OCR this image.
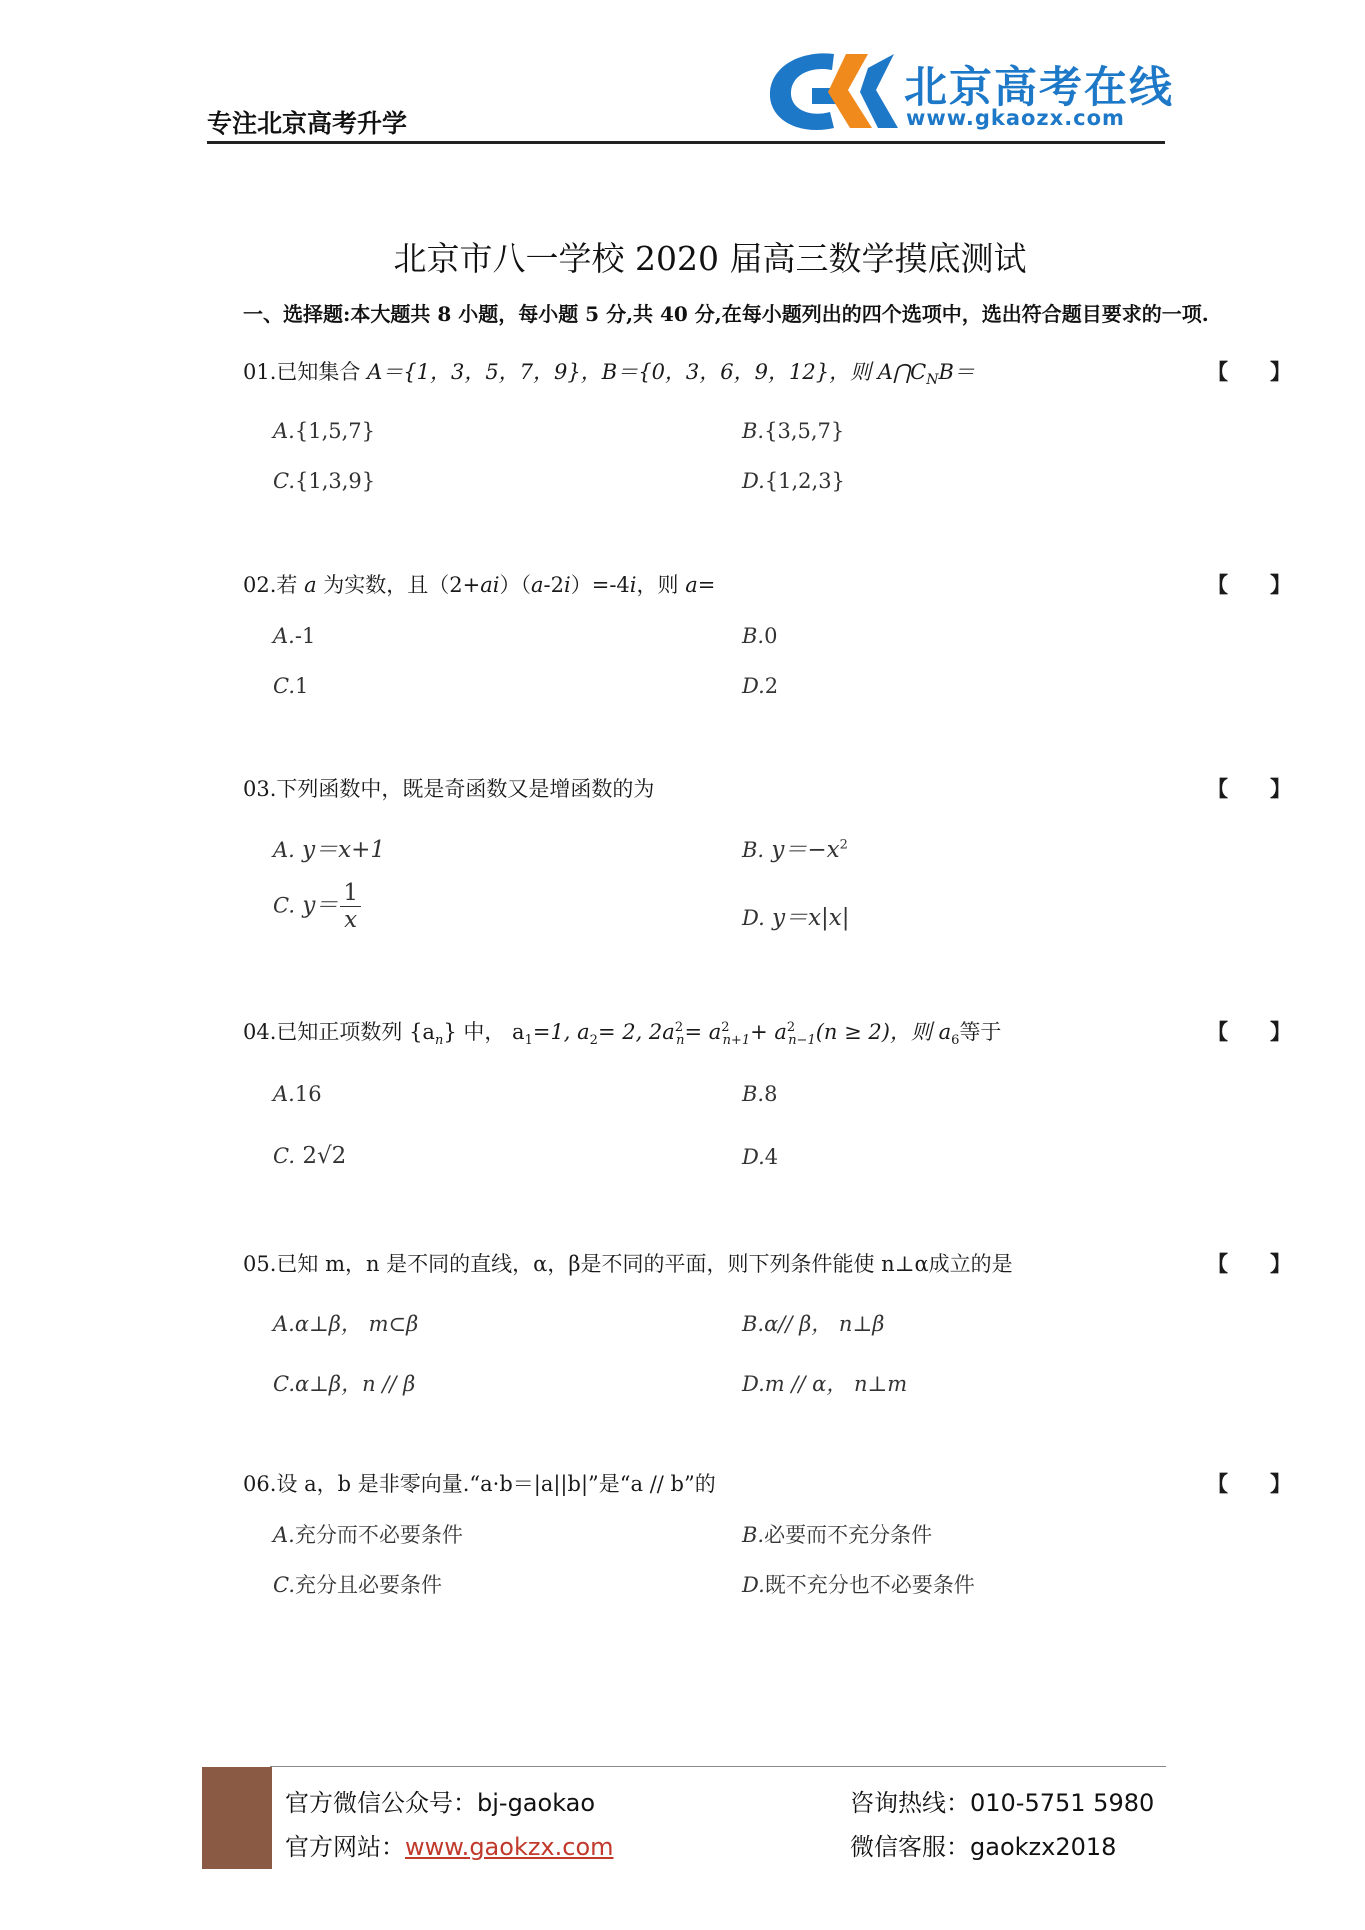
专注北京高考升学
北京高考在线
www.gkaozx.com
北京市八一学校 2020 届高三数学摸底测试
一、选择题:本大题共 8 小题，每小题 5 分,共 40 分,在每小题列出的四个选项中，选出符合题目要求的一项.
01.已知集合 A＝{1，3，5，7，9}，B＝{0，3，6，9，12}，则 $A⋂C_NB=$	【　　】
A.{1,5,7}	B.{3,5,7}
C.{1,3,9}	D.{1,2,3}
02.若 a 为实数，且（2+ai）（a-2i）=-4i，则 a=	【　　】
A.-1	B.0
C.1	D.2
03.下列函数中，既是奇函数又是增函数的为	【　　】
A. y＝x+1	B. $y=-x^2$
C. $y= \frac{1}{x}$	D. y＝x|x|
04.已知正项数列 $\{a_n\}$ 中， $a_1=1$, $a_2= 2$, $2a^2_n= a^2_{n+1}+ a^2_{n-1}(n \ge 2)$，则 $a_6$等于	【　　】
A.16	B.8
C. 2√2	D.4
05.已知 m，n 是不同的直线，α，β是不同的平面，则下列条件能使 n⊥α成立的是	【　　】
A.α⊥β， m⊂β	B.α// β， n⊥β
C.α⊥β，n // β	D.m // α， n⊥m
06.设 a，b 是非零向量.“a·b＝|a||b|”是“a // b”的	【　　】
A.充分而不必要条件	B.必要而不充分条件
C.充分且必要条件	D.既不充分也不必要条件
官方微信公众号：bj-gaokao
官方网站：www.gaokzx.com
咨询热线：010-5751 5980
微信客服：gaokzx2018
